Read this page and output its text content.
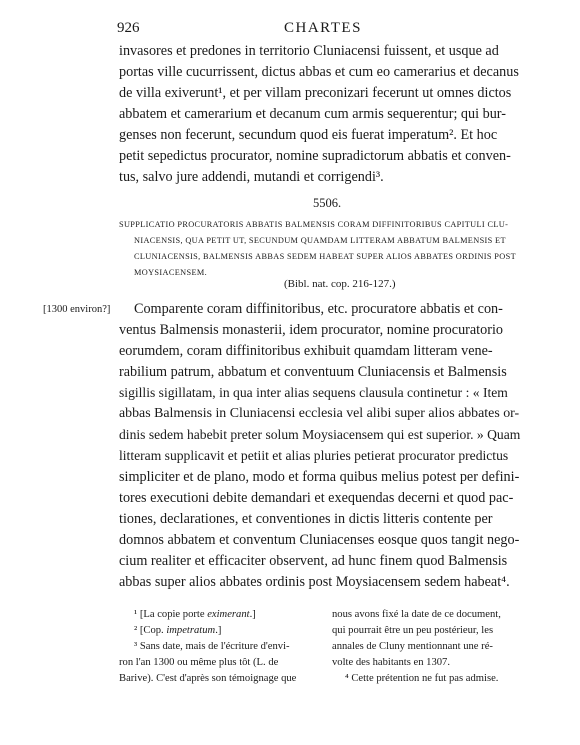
926	CHARTES
invasores et predones in territorio Cluniacensi fuissent, et usque ad
portas ville cucurrissent, dictus abbas et cum eo camerarius et decanus
de villa exiverunt¹, et per villam preconizari fecerunt ut omnes dictos
abbatem et camerarium et decanum cum armis sequerentur; qui bur-
genses non fecerunt, secundum quod eis fuerat imperatum². Et hoc
petit sepedictus procurator, nomine supradictorum abbatis et conven-
tus, salvo jure addendi, mutandi et corrigendi³.
5506.
SUPPLICATIO PROCURATORIS ABBATIS BALMENSIS CORAM DIFFINITORIBUS CAPITULI CLU-
NIACENSIS, QUA PETIT UT, SECUNDUM QUAMDAM LITTERAM ABBATUM BALMENSIS ET
CLUNIACENSIS, BALMENSIS ABBAS SEDEM HABEAT SUPER ALIOS ABBATES ORDINIS POST
MOYSIACENSEM.
(Bibl. nat. cop. 216-127.)
[1300 environ?] Comparente coram diffinitoribus, etc. procuratore abbatis et con-
ventus Balmensis monasterii, idem procurator, nomine procuratorio
eorumdem, coram diffinitoribus exhibuit quamdam litteram vene-
rabilium patrum, abbatum et conventuum Cluniacensis et Balmensis
sigillis sigillatam, in qua inter alias sequens clausula continetur : « Item
abbas Balmensis in Cluniacensi ecclesia vel alibi super alios abbates or-
dinis sedem habebit preter solum Moysiacensem qui est superior. » Quam
litteram supplicavit et petiit et alias pluries petierat procurator predictus
simpliciter et de plano, modo et forma quibus melius potest per defini-
tores executioni debite demandari et exequendas decerni et quod pac-
tiones, declarationes, et conventiones in dictis litteris contente per
domnos abbatem et conventum Cluniacenses eosque quos tangit nego-
cium realiter et efficaciter observent, ad hunc finem quod Balmensis
abbas super alios abbates ordinis post Moysiacensem sedem habeat⁴.
¹ [La copie porte eximerant.]
² [Cop. impetratum.]
³ Sans date, mais de l'écriture d'envi-
ron l'an 1300 ou même plus tôt (L. de
Barive). C'est d'après son témoignage que
nous avons fixé la date de ce document,
qui pourrait être un peu postérieur, les
annales de Cluny mentionnant une ré-
volte des habitants en 1307.
⁴ Cette prétention ne fut pas admise.
